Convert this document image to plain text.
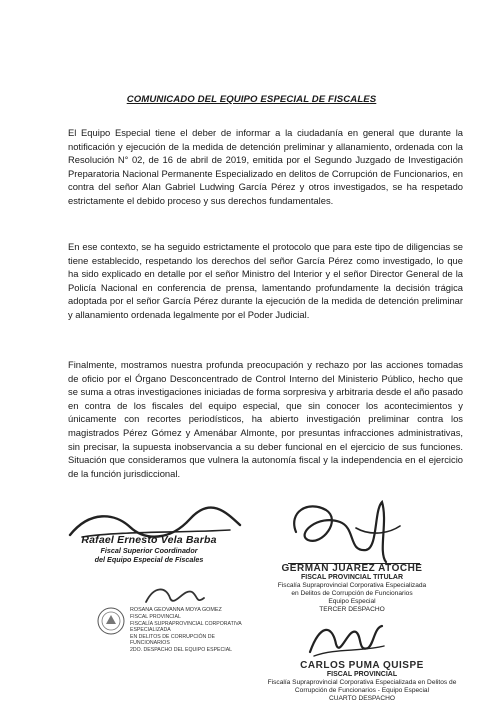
COMUNICADO DEL EQUIPO ESPECIAL DE FISCALES
El Equipo Especial tiene el deber de informar a la ciudadanía en general que durante la notificación y ejecución de la medida de detención preliminar y allanamiento, ordenada con la Resolución N° 02, de 16 de abril de 2019, emitida por el Segundo Juzgado de Investigación Preparatoria Nacional Permanente Especializado en delitos de Corrupción de Funcionarios, en contra del señor Alan Gabriel Ludwing García Pérez y otros investigados, se ha respetado estrictamente el debido proceso y sus derechos fundamentales.
En ese contexto, se ha seguido estrictamente el protocolo que para este tipo de diligencias se tiene establecido, respetando los derechos del señor García Pérez como investigado, lo que ha sido explicado en detalle por el señor Ministro del Interior y el señor Director General de la Policía Nacional en conferencia de prensa, lamentando profundamente la decisión trágica adoptada por el señor García Pérez durante la ejecución de la medida de detención preliminar y allanamiento ordenada legalmente por el Poder Judicial.
Finalmente, mostramos nuestra profunda preocupación y rechazo por las acciones tomadas de oficio por el Órgano Desconcentrado de Control Interno del Ministerio Público, hecho que se suma a otras investigaciones iniciadas de forma sorpresiva y arbitraria desde el año pasado en contra de los fiscales del equipo especial, que sin conocer los acontecimientos y únicamente con recortes periodísticos, ha abierto investigación preliminar contra los magistrados Pérez Gómez y Amenábar Almonte, por presuntas infracciones administrativas, sin precisar, la supuesta inobservancia a su deber funcional en el ejercicio de sus funciones. Situación que consideramos que vulnera la autonomía fiscal y la independencia en el ejercicio de la función jurisdiccional.
Rafael Ernesto Vela Barba
Fiscal Superior Coordinador
del Equipo Especial de Fiscales
GERMAN JUAREZ ATOCHE
FISCAL PROVINCIAL TITULAR
Fiscalía Supraprovincial Corporativa Especializada
en Delitos de Corrupción de Funcionarios
Equipo Especial
TERCER DESPACHO
ROSANA GEOVANNA MOYA GOMEZ
FISCAL PROVINCIAL
FISCALÍA SUPRAPROVINCIAL CORPORATIVA ESPECIALIZADA
EN DELITOS DE CORRUPCIÓN DE FUNCIONARIOS
2DO. DESPACHO DEL EQUIPO ESPECIAL
CARLOS PUMA QUISPE
FISCAL PROVINCIAL
Fiscalía Supraprovincial Corporativa Especializada en Delitos de
Corrupción de Funcionarios - Equipo Especial
CUARTO DESPACHO
